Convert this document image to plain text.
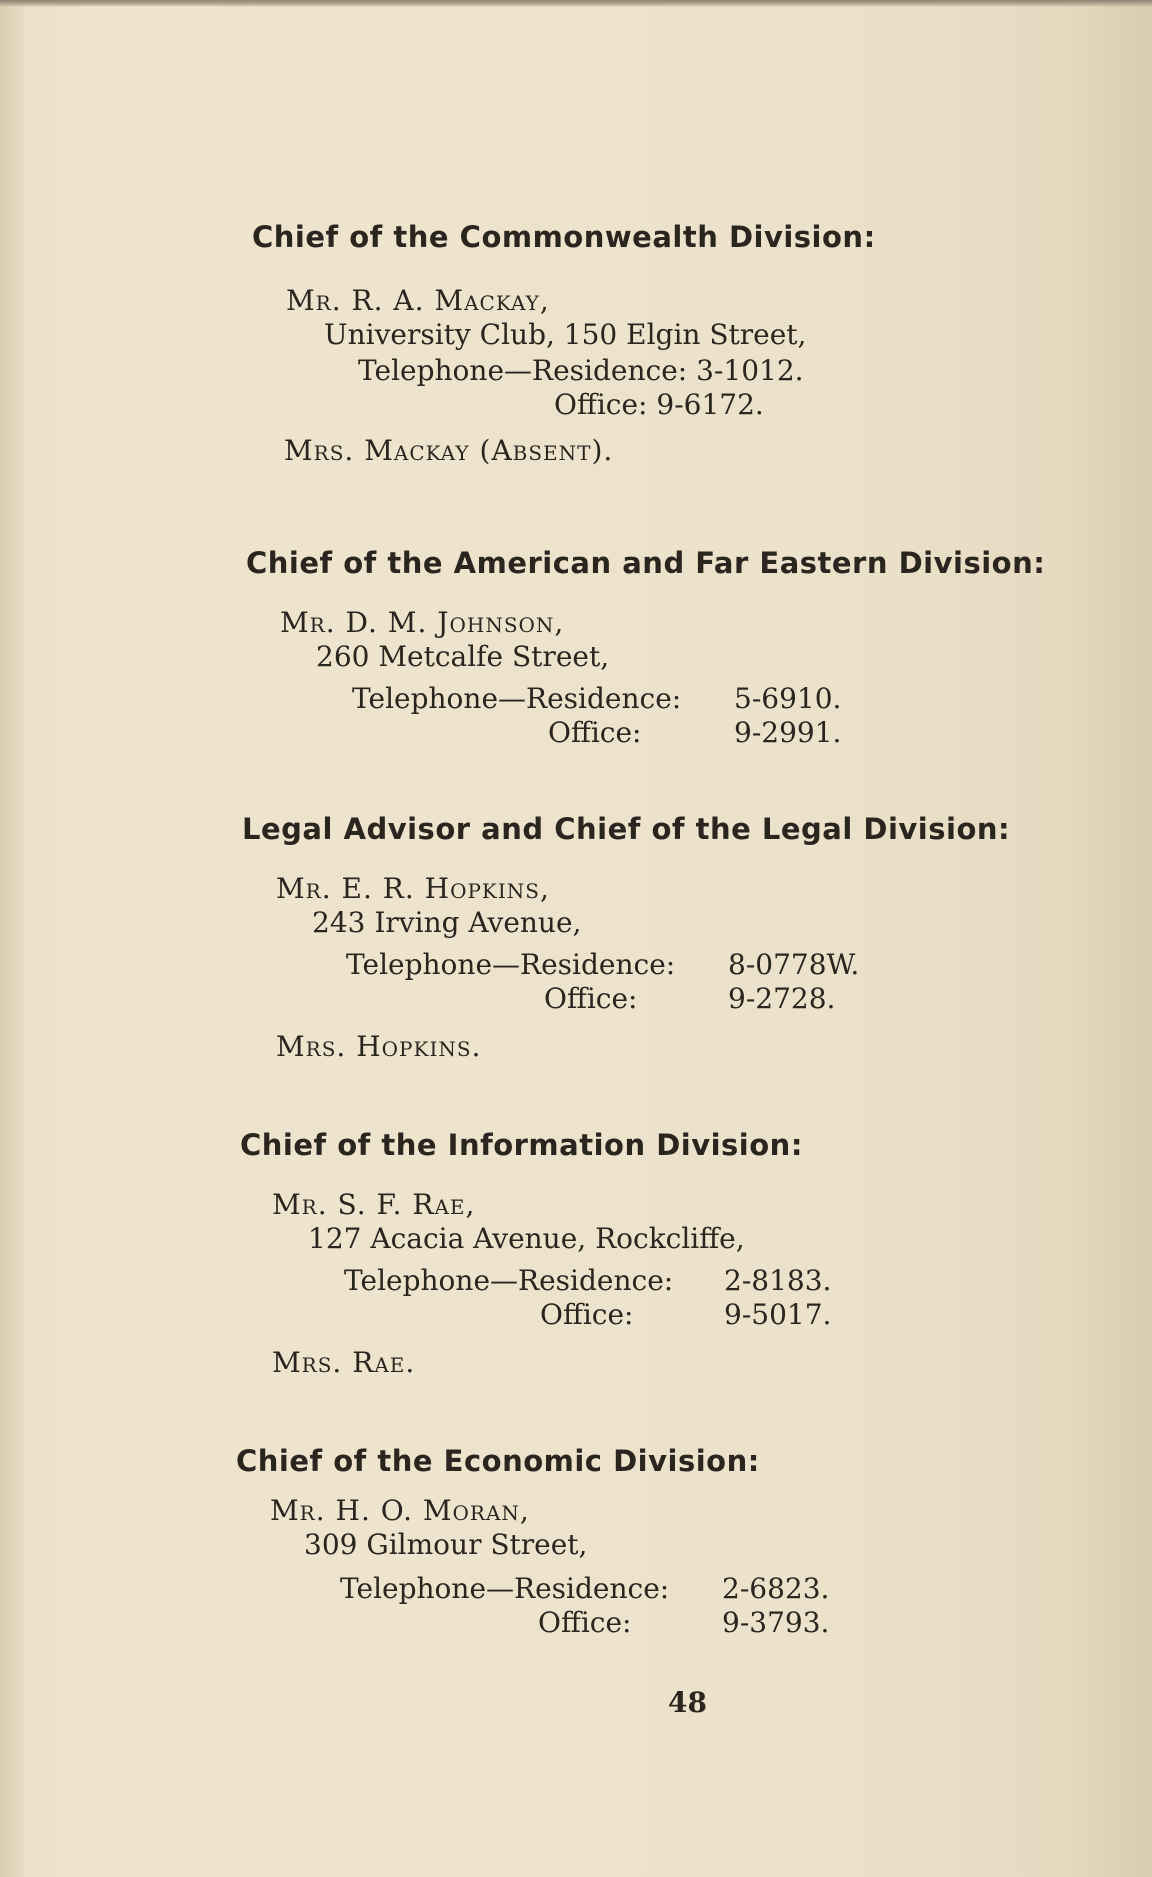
Chief of the Commonwealth Division:
Mr. R. A. Mackay,
University Club, 150 Elgin Street,
Telephone—Residence: 3-1012.
Office: 9-6172.
Mrs. Mackay (Absent).
Chief of the American and Far Eastern Division:
Mr. D. M. Johnson,
260 Metcalfe Street,
Telephone—Residence:	5-6910.
Office:	9-2991.
Legal Advisor and Chief of the Legal Division:
Mr. E. R. Hopkins,
243 Irving Avenue,
Telephone—Residence:	8-0778W.
Office:	9-2728.
Mrs. Hopkins.
Chief of the Information Division:
Mr. S. F. Rae,
127 Acacia Avenue, Rockcliffe,
Telephone—Residence:	2-8183.
Office:	9-5017.
Mrs. Rae.
Chief of the Economic Division:
Mr. H. O. Moran,
309 Gilmour Street,
Telephone—Residence:	2-6823.
Office:	9-3793.
48
